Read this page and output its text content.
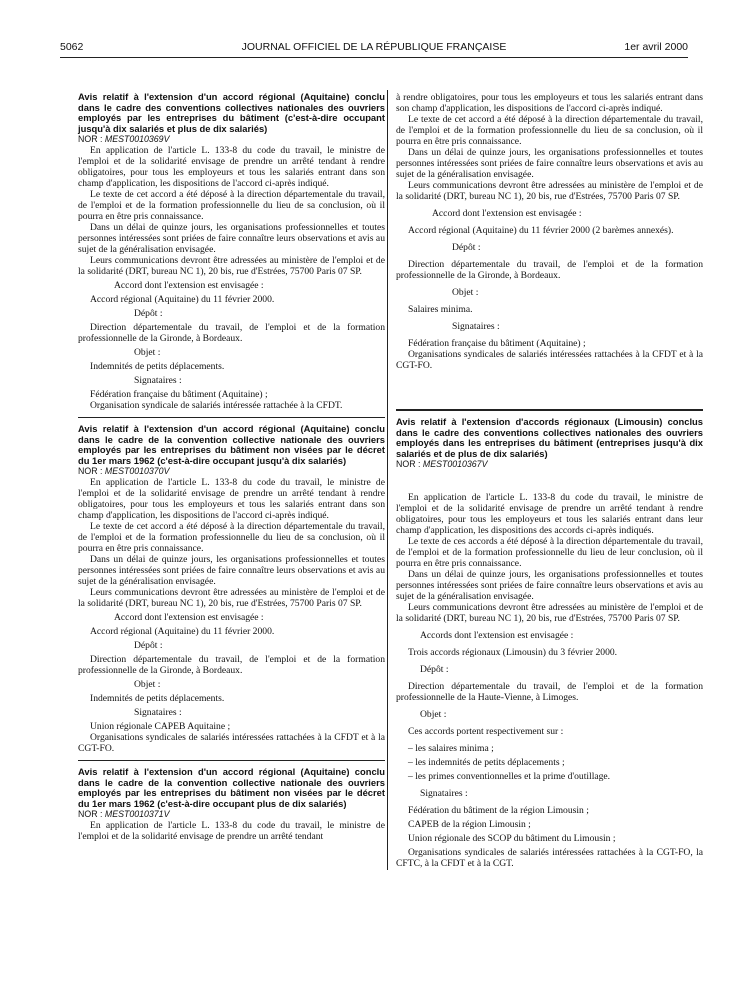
5062	JOURNAL OFFICIEL DE LA RÉPUBLIQUE FRANÇAISE	1er avril 2000

Avis relatif à l'extension d'un accord régional (Aquitaine) conclu dans le cadre des conventions collectives nationales des ouvriers employés par les entreprises du bâtiment (c'est-à-dire occupant jusqu'à dix salariés et plus de dix salariés)

NOR : MEST0010369V

En application de l'article L. 133-8 du code du travail, le ministre de l'emploi et de la solidarité envisage de prendre un arrêté tendant à rendre obligatoires, pour tous les employeurs et tous les salariés entrant dans son champ d'application, les dispositions de l'accord ci-après indiqué.

Le texte de cet accord a été déposé à la direction départementale du travail, de l'emploi et de la formation professionnelle du lieu de sa conclusion, où il pourra en être pris connaissance.

Dans un délai de quinze jours, les organisations professionnelles et toutes personnes intéressées sont priées de faire connaître leurs observations et avis au sujet de la généralisation envisagée.

Leurs communications devront être adressées au ministère de l'emploi et de la solidarité (DRT, bureau NC 1), 20 bis, rue d'Estrées, 75700 Paris 07 SP.

Accord dont l'extension est envisagée :

Accord régional (Aquitaine) du 11 février 2000.

Dépôt :

Direction départementale du travail, de l'emploi et de la formation professionnelle de la Gironde, à Bordeaux.

Objet :

Indemnités de petits déplacements.

Signataires :

Fédération française du bâtiment (Aquitaine) ;

Organisation syndicale de salariés intéressée rattachée à la CFDT.

Avis relatif à l'extension d'un accord régional (Aquitaine) conclu dans le cadre de la convention collective nationale des ouvriers employés par les entreprises du bâtiment non visées par le décret du 1er mars 1962 (c'est-à-dire occupant jusqu'à dix salariés)

NOR : MEST0010370V

En application de l'article L. 133-8 du code du travail, le ministre de l'emploi et de la solidarité envisage de prendre un arrêté tendant à rendre obligatoires, pour tous les employeurs et tous les salariés entrant dans son champ d'application, les dispositions de l'accord ci-après indiqué.

Le texte de cet accord a été déposé à la direction départementale du travail, de l'emploi et de la formation professionnelle du lieu de sa conclusion, où il pourra en être pris connaissance.

Dans un délai de quinze jours, les organisations professionnelles et toutes personnes intéressées sont priées de faire connaître leurs observations et avis au sujet de la généralisation envisagée.

Leurs communications devront être adressées au ministère de l'emploi et de la solidarité (DRT, bureau NC 1), 20 bis, rue d'Estrées, 75700 Paris 07 SP.

Accord dont l'extension est envisagée :

Accord régional (Aquitaine) du 11 février 2000.

Dépôt :

Direction départementale du travail, de l'emploi et de la formation professionnelle de la Gironde, à Bordeaux.

Objet :

Indemnités de petits déplacements.

Signataires :

Union régionale CAPEB Aquitaine ;

Organisations syndicales de salariés intéressées rattachées à la CFDT et à la CGT-FO.

Avis relatif à l'extension d'un accord régional (Aquitaine) conclu dans le cadre de la convention collective nationale des ouvriers employés par les entreprises du bâtiment non visées par le décret du 1er mars 1962 (c'est-à-dire occupant plus de dix salariés)

NOR : MEST0010371V

En application de l'article L. 133-8 du code du travail, le ministre de l'emploi et de la solidarité envisage de prendre un arrêté tendant

à rendre obligatoires, pour tous les employeurs et tous les salariés entrant dans son champ d'application, les dispositions de l'accord ci-après indiqué.

Le texte de cet accord a été déposé à la direction départementale du travail, de l'emploi et de la formation professionnelle du lieu de sa conclusion, où il pourra en être pris connaissance.

Dans un délai de quinze jours, les organisations professionnelles et toutes personnes intéressées sont priées de faire connaître leurs observations et avis au sujet de la généralisation envisagée.

Leurs communications devront être adressées au ministère de l'emploi et de la solidarité (DRT, bureau NC 1), 20 bis, rue d'Estrées, 75700 Paris 07 SP.

Accord dont l'extension est envisagée :

Accord régional (Aquitaine) du 11 février 2000 (2 barèmes annexés).

Dépôt :

Direction départementale du travail, de l'emploi et de la formation professionnelle de la Gironde, à Bordeaux.

Objet :

Salaires minima.

Signataires :

Fédération française du bâtiment (Aquitaine) ;

Organisations syndicales de salariés intéressées rattachées à la CFDT et à la CGT-FO.

Avis relatif à l'extension d'accords régionaux (Limousin) conclus dans le cadre des conventions collectives nationales des ouvriers employés dans les entreprises du bâtiment (entreprises jusqu'à dix salariés et de plus de dix salariés)

NOR : MEST0010367V

En application de l'article L. 133-8 du code du travail, le ministre de l'emploi et de la solidarité envisage de prendre un arrêté tendant à rendre obligatoires, pour tous les employeurs et tous les salariés entrant dans leur champ d'application, les dispositions des accords ci-après indiqués.

Le texte de ces accords a été déposé à la direction départementale du travail, de l'emploi et de la formation professionnelle du lieu de leur conclusion, où il pourra en être pris connaissance.

Dans un délai de quinze jours, les organisations professionnelles et toutes personnes intéressées sont priées de faire connaître leurs observations et avis au sujet de la généralisation envisagée.

Leurs communications devront être adressées au ministère de l'emploi et de la solidarité (DRT, bureau NC 1), 20 bis, rue d'Estrées, 75700 Paris 07 SP.

Accords dont l'extension est envisagée :

Trois accords régionaux (Limousin) du 3 février 2000.

Dépôt :

Direction départementale du travail, de l'emploi et de la formation professionnelle de la Haute-Vienne, à Limoges.

Objet :

Ces accords portent respectivement sur :

– les salaires minima ;

– les indemnités de petits déplacements ;

– les primes conventionnelles et la prime d'outillage.

Signataires :

Fédération du bâtiment de la région Limousin ;

CAPEB de la région Limousin ;

Union régionale des SCOP du bâtiment du Limousin ;

Organisations syndicales de salariés intéressées rattachées à la CGT-FO, la CFTC, à la CFDT et à la CGT.
